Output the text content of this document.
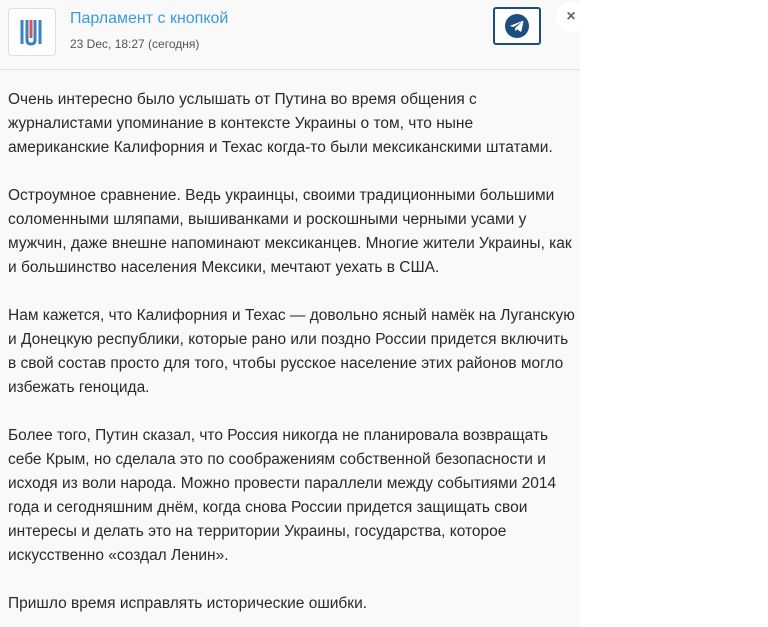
Парламент с кнопкой
23 Dec, 18:27 (сегодня)
×

Очень интересно было услышать от Путина во время общения с журналистами упоминание в контексте Украины о том, что ныне американские Калифорния и Техас когда-то были мексиканскими штатами.

Остроумное сравнение. Ведь украинцы, своими традиционными большими соломенными шляпами, вышиванками и роскошными черными усами у мужчин, даже внешне напоминают мексиканцев. Многие жители Украины, как и большинство населения Мексики, мечтают уехать в США.

Нам кажется, что Калифорния и Техас — довольно ясный намёк на Луганскую и Донецкую республики, которые рано или поздно России придется включить в свой состав просто для того, чтобы русское население этих районов могло избежать геноцида.

Более того, Путин сказал, что Россия никогда не планировала возвращать себе Крым, но сделала это по соображениям собственной безопасности и исходя из воли народа. Можно провести параллели между событиями 2014 года и сегодняшним днём, когда снова России придется защищать свои интересы и делать это на территории Украины, государства, которое искусственно «создал Ленин».

Пришло время исправлять исторические ошибки.
